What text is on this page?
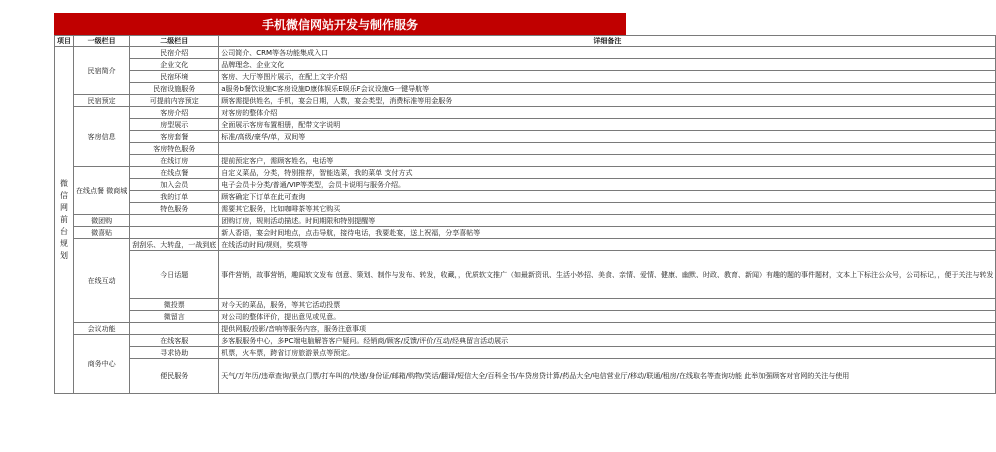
手机微信网站开发与制作服务
项目	一级栏目	二级栏目	详细备注
微信网前台规划	民宿简介	民宿介绍	公司简介、CRM等各功能集成入口
		企业文化	品牌理念、企业文化
		民宿环境	客房、大厅等图片展示，在配上文字介绍
		民宿设施服务	a服务b餐饮设施C客房设施D康体娱乐E娱乐F会议设施G一键导航等
	民宿预定	可提前内容预定	顾客需提供姓名，手机，宴会日期，人数，宴会类型，消费标准等用金服务
	客房信息	客房介绍	对客房的整体介绍
		房型展示	全面展示客房布置相册，配带文字说明
		客房套餐	标准/高级/豪华/单，双间等
		客房特色服务	
		在线订房	提前预定客户，需顾客姓名，电话等
	在线点餐 微商城	在线点餐	自定义菜品，分类，特别推荐，智能选菜，我的菜单 支付方式
		加入会员	电子会员卡分类/普通/VIP等类型，会员卡说明与服务介绍。
		我的订单	顾客确定下订单在此可查询
		特色服务	需要其它服务，比如咖啡茶等其它购买
	微团购		团购订房，规则活动描述。时间期限和特别提醒等
	微喜贴		新人香语，宴会时间地点，点击导航，接待电话，我要赴宴，送上祝福，分享喜帖等
	在线互动	刮刮乐、大转盘，一战到底	在线活动时间/规则，奖项等
		今日话题	事件营销，故事营销，趣闻软文发布 创意、策划、制作与发布、转发，收藏，，优质软文推广（如最新资讯、生活小妙招、美食、亲情、爱情、健康、幽默、时政、教育、新闻）有趣的题的事件题材，文本上下标注公众号，公司标记，，便于关注与转发
		微投票	对今天的菜品，服务，等其它活动投票
		微留言	对公司的整体评价，提出意见或见意。
	会议功能		提供网服/投影/音响等服务内容，服务注意事项
	商务中心	在线客服	多客服服务中心，多PC端电脑解答客户疑问。经销商/顾客/反馈/评价/互动/经典留言活动展示
		寻求协助	机票，火车票，跨省订房旅游景点等预定。
		便民服务	天气/万年历/违章查询/景点门票/打车叫的/快递/身份证/邮箱/购物/笑话/翻译/短信大全/百科全书/车贷房贷计算/药品大全/电信营业厅/移动/联通/租房/在线取名等查询功能 此举加强顾客对官网的关注与使用
